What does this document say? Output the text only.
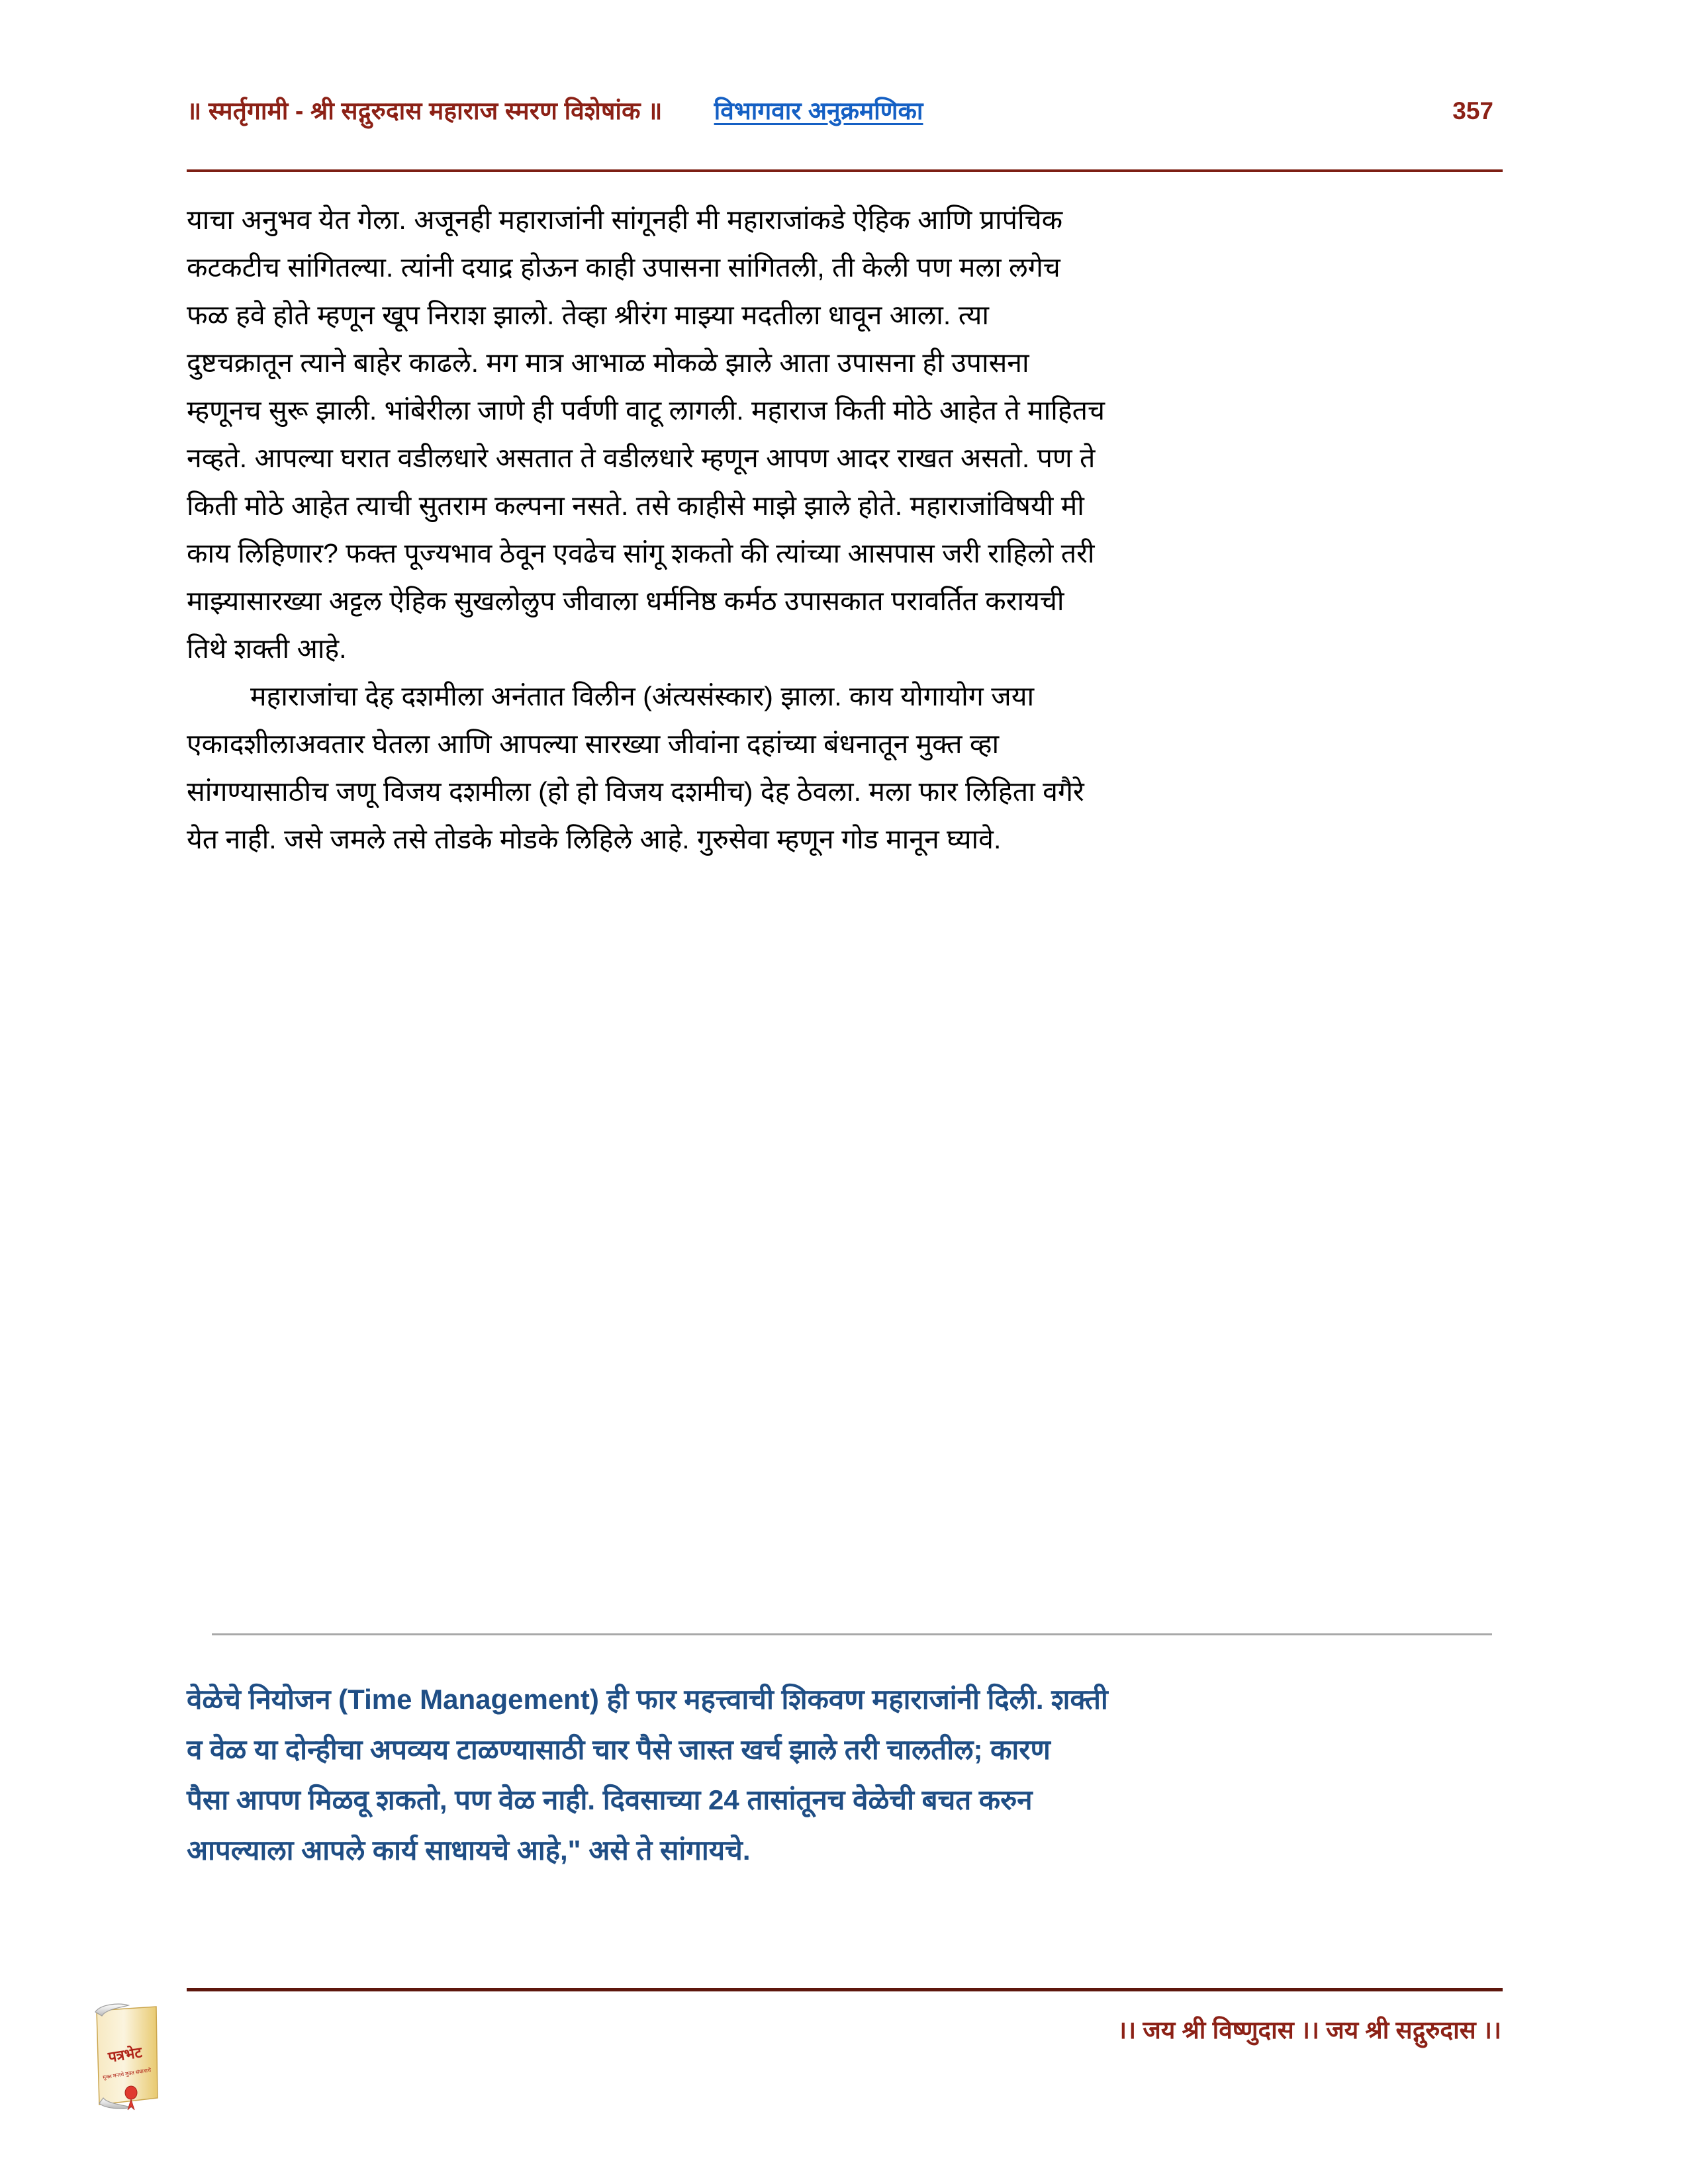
॥ स्मर्तृगामी - श्री सद्गुरुदास महाराज स्मरण विशेषांक ॥ विभागवार अनुक्रमणिका	357

याचा अनुभव येत गेला. अजूनही महाराजांनी सांगूनही मी महाराजांकडे ऐहिक आणि प्रापंचिक
कटकटीच सांगितल्या. त्यांनी दयाद्र होऊन काही उपासना सांगितली, ती केली पण मला लगेच
फळ हवे होते म्हणून खूप निराश झालो. तेव्हा श्रीरंग माझ्या मदतीला धावून आला. त्या
दुष्टचक्रातून त्याने बाहेर काढले. मग मात्र आभाळ मोकळे झाले आता उपासना ही उपासना
म्हणूनच सुरू झाली. भांबेरीला जाणे ही पर्वणी वाटू लागली. महाराज किती मोठे आहेत ते माहितच
नव्हते. आपल्या घरात वडीलधारे असतात ते वडीलधारे म्हणून आपण आदर राखत असतो. पण ते
किती मोठे आहेत त्याची सुतराम कल्पना नसते. तसे काहीसे माझे झाले होते. महाराजांविषयी मी
काय लिहिणार? फक्त पूज्यभाव ठेवून एवढेच सांगू शकतो की त्यांच्या आसपास जरी राहिलो तरी
माझ्यासारख्या अट्टल ऐहिक सुखलोलुप जीवाला धर्मनिष्ठ कर्मठ उपासकात परावर्तित करायची
तिथे शक्ती आहे.

महाराजांचा देह दशमीला अनंतात विलीन (अंत्यसंस्कार) झाला. काय योगायोग जया
एकादशीलाअवतार घेतला आणि आपल्या सारख्या जीवांना दहांच्या बंधनातून मुक्त व्हा
सांगण्यासाठीच जणू विजय दशमीला (हो हो विजय दशमीच) देह ठेवला. मला फार लिहिता वगैरे
येत नाही. जसे जमले तसे तोडके मोडके लिहिले आहे. गुरुसेवा म्हणून गोड मानून घ्यावे.

वेळेचे नियोजन (Time Management) ही फार महत्त्वाची शिकवण महाराजांनी दिली. शक्ती
व वेळ या दोन्हीचा अपव्यय टाळण्यासाठी चार पैसे जास्त खर्च झाले तरी चालतील; कारण
पैसा आपण मिळवू शकतो, पण वेळ नाही. दिवसाच्या 24 तासांतूनच वेळेची बचत करुन
आपल्याला आपले कार्य साधायचे आहे," असे ते सांगायचे.
।। जय श्री विष्णुदास ।। जय श्री सद्गुरुदास ।।
पत्रभेट
मुक्त मनाचे मुक्त संवादाचे
